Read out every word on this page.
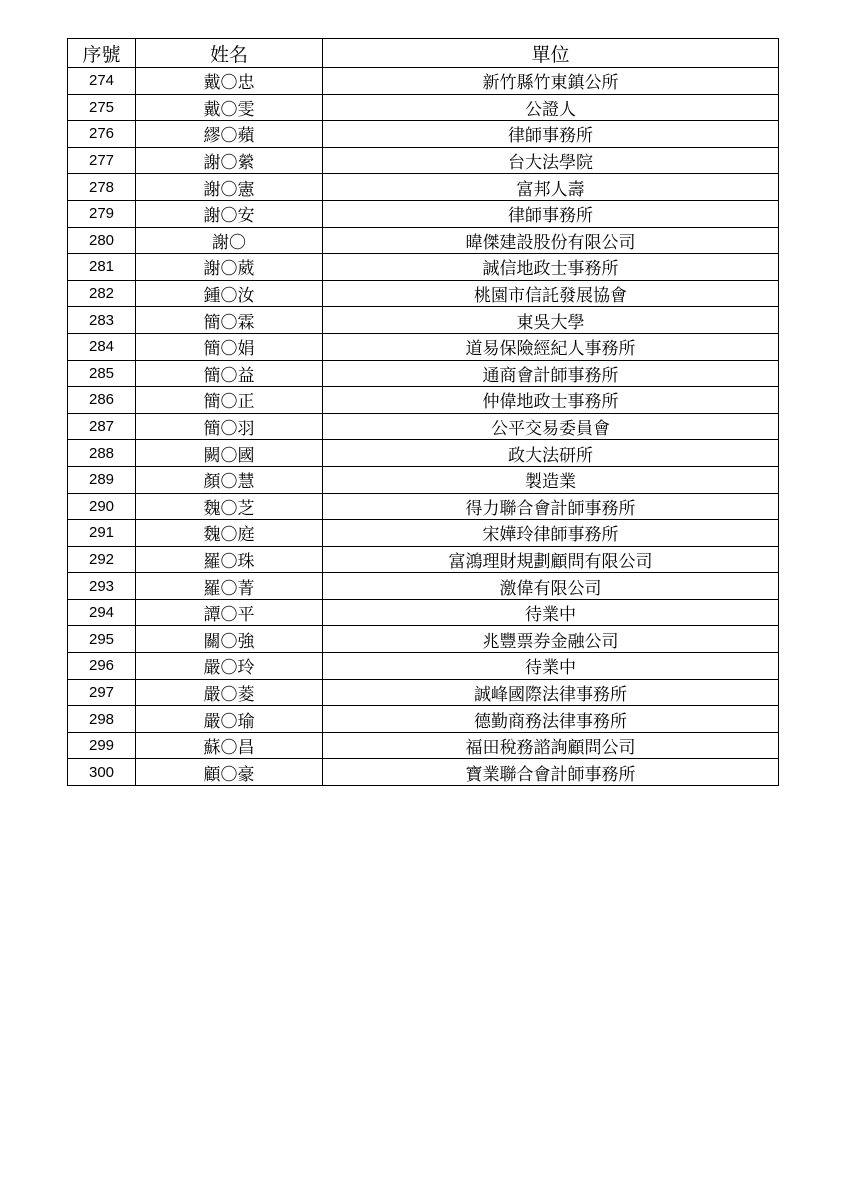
序號	姓名	單位
274	戴〇忠	新竹縣竹東鎮公所
275	戴〇雯	公證人
276	繆〇蘋	律師事務所
277	謝〇縈	台大法學院
278	謝〇憲	富邦人壽
279	謝〇安	律師事務所
280	謝〇	暐傑建設股份有限公司
281	謝〇葳	誠信地政士事務所
282	鍾〇汝	桃園市信託發展協會
283	簡〇霖	東吳大學
284	簡〇娟	道易保險經紀人事務所
285	簡〇益	通商會計師事務所
286	簡〇正	仲偉地政士事務所
287	簡〇羽	公平交易委員會
288	闕〇國	政大法研所
289	顏〇慧	製造業
290	魏〇芝	得力聯合會計師事務所
291	魏〇庭	宋嬅玲律師事務所
292	羅〇珠	富鴻理財規劃顧問有限公司
293	羅〇菁	激偉有限公司
294	譚〇平	待業中
295	關〇強	兆豐票券金融公司
296	嚴〇玲	待業中
297	嚴〇菱	誠峰國際法律事務所
298	嚴〇瑜	德勤商務法律事務所
299	蘇〇昌	福田稅務諮詢顧問公司
300	顧〇豪	寶業聯合會計師事務所
